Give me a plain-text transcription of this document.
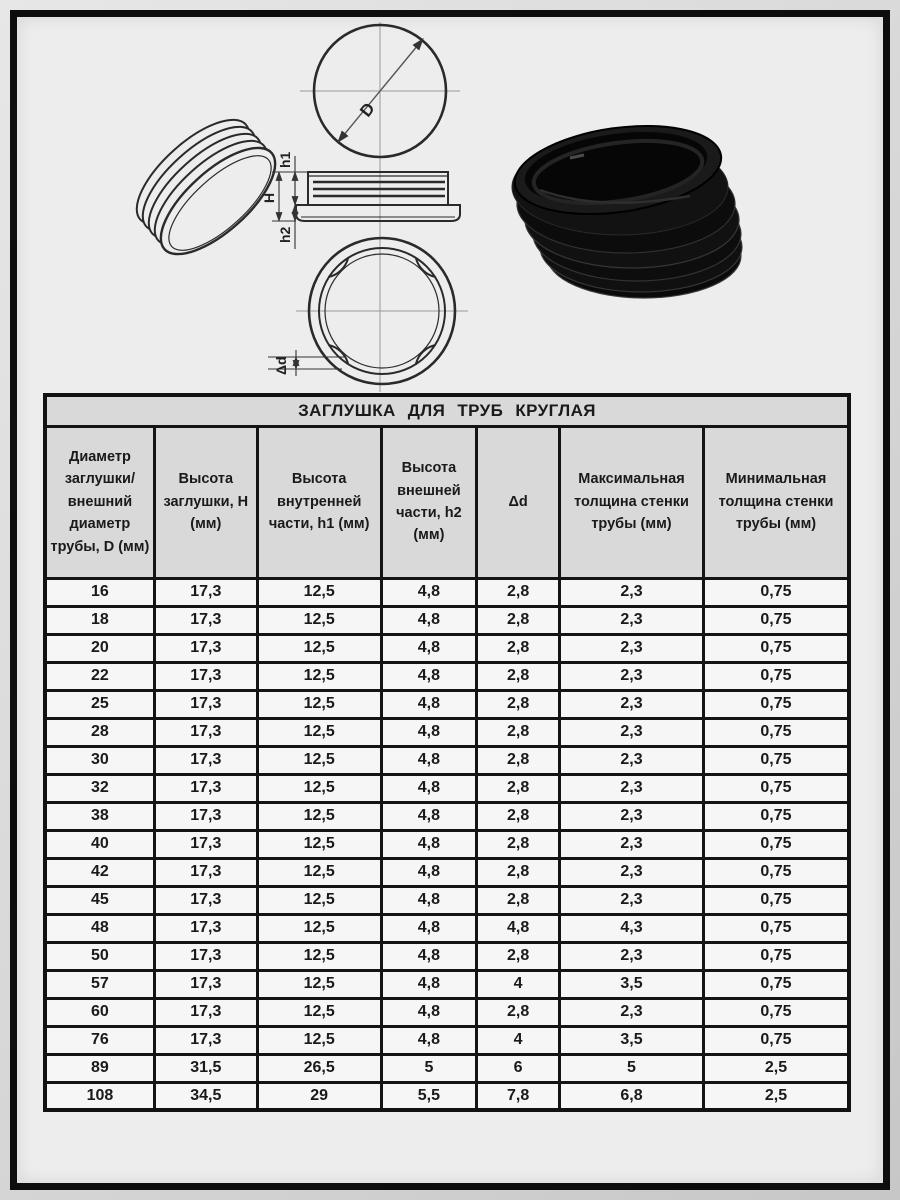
D
h1
H
h2
Δd
ЗАГЛУШКА ДЛЯ ТРУБ КРУГЛАЯ						
Диаметр заглушки/ внешний диаметр трубы, D (мм)	Высота заглушки, H (мм)	Высота внутренней части, h1 (мм)	Высота внешней части, h2 (мм)	Δd	Максимальная толщина стенки трубы (мм)	Минимальная толщина стенки трубы (мм)
16	17,3	12,5	4,8	2,8	2,3	0,75
18	17,3	12,5	4,8	2,8	2,3	0,75
20	17,3	12,5	4,8	2,8	2,3	0,75
22	17,3	12,5	4,8	2,8	2,3	0,75
25	17,3	12,5	4,8	2,8	2,3	0,75
28	17,3	12,5	4,8	2,8	2,3	0,75
30	17,3	12,5	4,8	2,8	2,3	0,75
32	17,3	12,5	4,8	2,8	2,3	0,75
38	17,3	12,5	4,8	2,8	2,3	0,75
40	17,3	12,5	4,8	2,8	2,3	0,75
42	17,3	12,5	4,8	2,8	2,3	0,75
45	17,3	12,5	4,8	2,8	2,3	0,75
48	17,3	12,5	4,8	4,8	4,3	0,75
50	17,3	12,5	4,8	2,8	2,3	0,75
57	17,3	12,5	4,8	4	3,5	0,75
60	17,3	12,5	4,8	2,8	2,3	0,75
76	17,3	12,5	4,8	4	3,5	0,75
89	31,5	26,5	5	6	5	2,5
108	34,5	29	5,5	7,8	6,8	2,5
